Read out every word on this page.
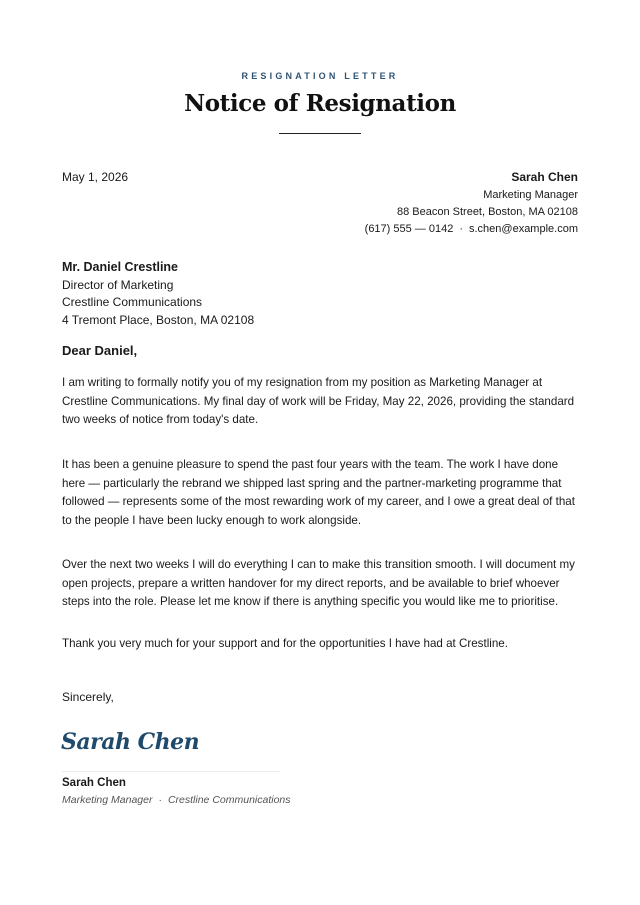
RESIGNATION LETTER
Notice of Resignation
May 1, 2026	Sarah Chen
Marketing Manager
88 Beacon Street, Boston, MA 02108
(617) 555 — 0142 · s.chen@example.com
Mr. Daniel Crestline
Director of Marketing
Crestline Communications
4 Tremont Place, Boston, MA 02108
Dear Daniel,
I am writing to formally notify you of my resignation from my position as Marketing Manager at Crestline Communications. My final day of work will be Friday, May 22, 2026, providing the standard two weeks of notice from today's date.
It has been a genuine pleasure to spend the past four years with the team. The work I have done here — particularly the rebrand we shipped last spring and the partner-marketing programme that followed — represents some of the most rewarding work of my career, and I owe a great deal of that to the people I have been lucky enough to work alongside.
Over the next two weeks I will do everything I can to make this transition smooth. I will document my open projects, prepare a written handover for my direct reports, and be available to brief whoever steps into the role. Please let me know if there is anything specific you would like me to prioritise.
Thank you very much for your support and for the opportunities I have had at Crestline.
Sincerely,
Sarah Chen
Sarah Chen
Marketing Manager · Crestline Communications
